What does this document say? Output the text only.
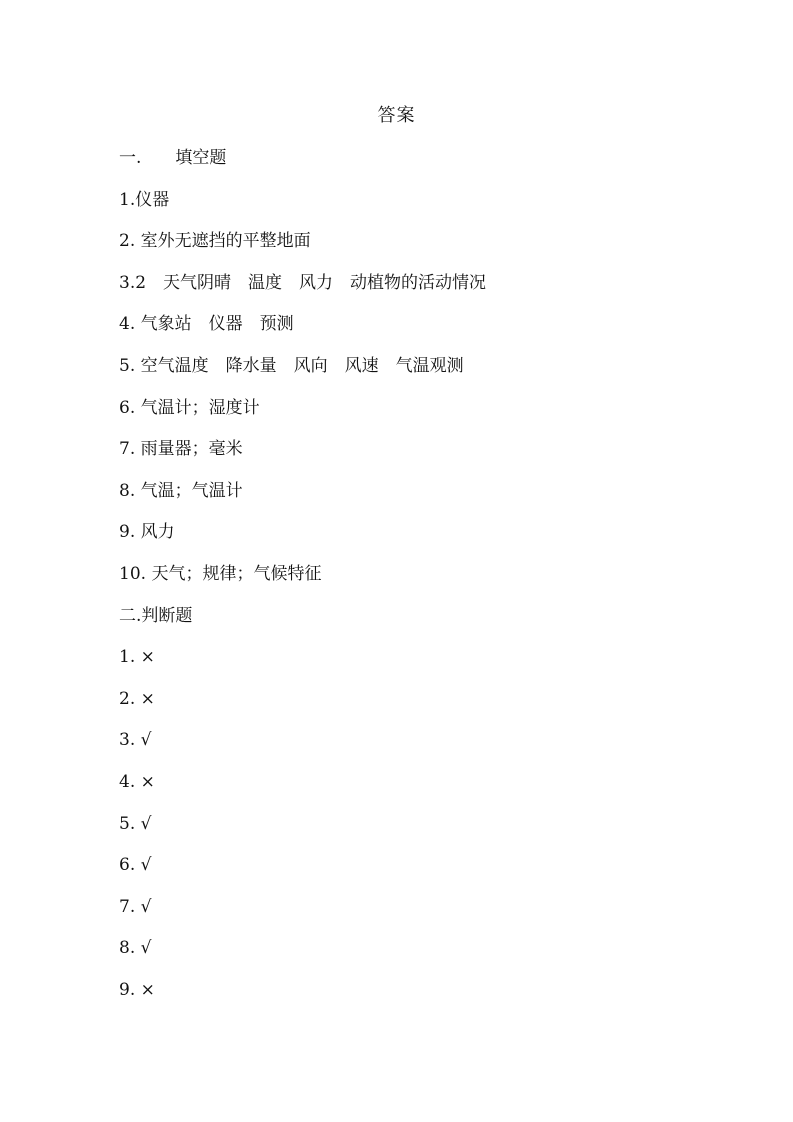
答案
一.　　填空题
1.仪器
2. 室外无遮挡的平整地面
3.2　天气阴晴　温度　风力　动植物的活动情况
4. 气象站　仪器　预测
5. 空气温度　降水量　风向　风速　气温观测
6. 气温计；湿度计
7. 雨量器；毫米
8. 气温；气温计
9. 风力
10. 天气；规律；气候特征
二.判断题
1. ×
2. ×
3. √
4. ×
5. √
6. √
7. √
8. √
9. ×
